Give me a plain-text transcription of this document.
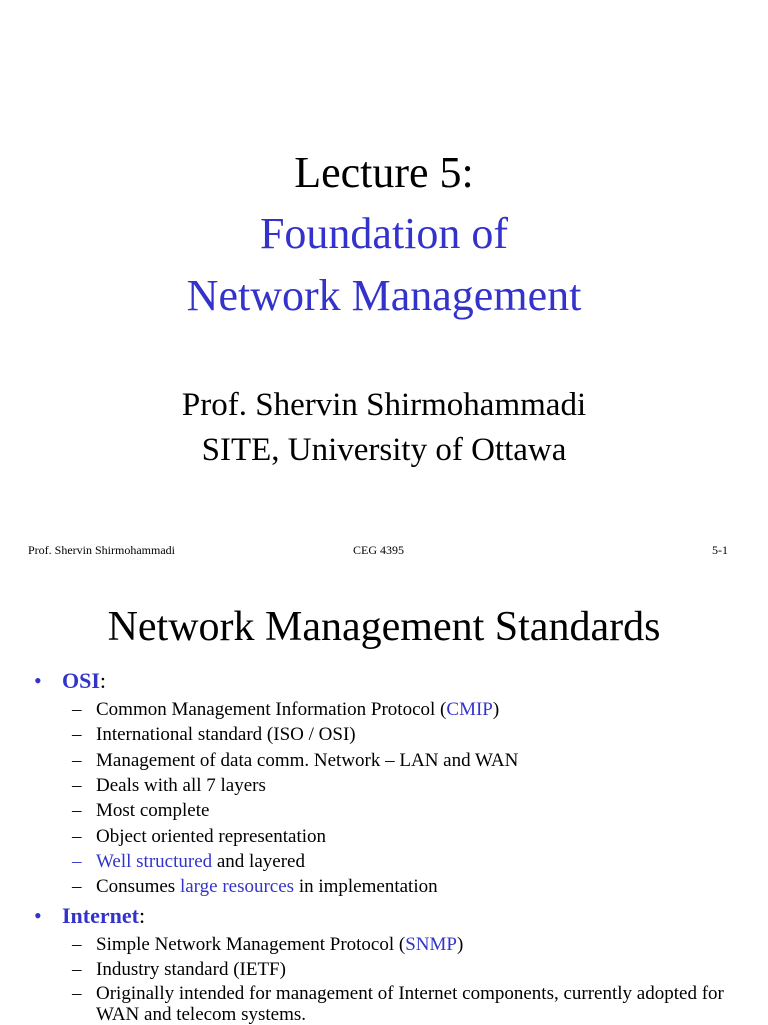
Lecture 5:
Foundation of
Network Management
Prof. Shervin Shirmohammadi
SITE, University of Ottawa
Prof. Shervin Shirmohammadi	CEG 4395	5-1
Network Management Standards
• OSI:
– Common Management Information Protocol (CMIP)
– International standard (ISO / OSI)
– Management of data comm. Network – LAN and WAN
– Deals with all 7 layers
– Most complete
– Object oriented representation
– Well structured and layered
– Consumes large resources in implementation
• Internet:
– Simple Network Management Protocol (SNMP)
– Industry standard (IETF)
– Originally intended for management of Internet components, currently adopted for WAN and telecom systems.
